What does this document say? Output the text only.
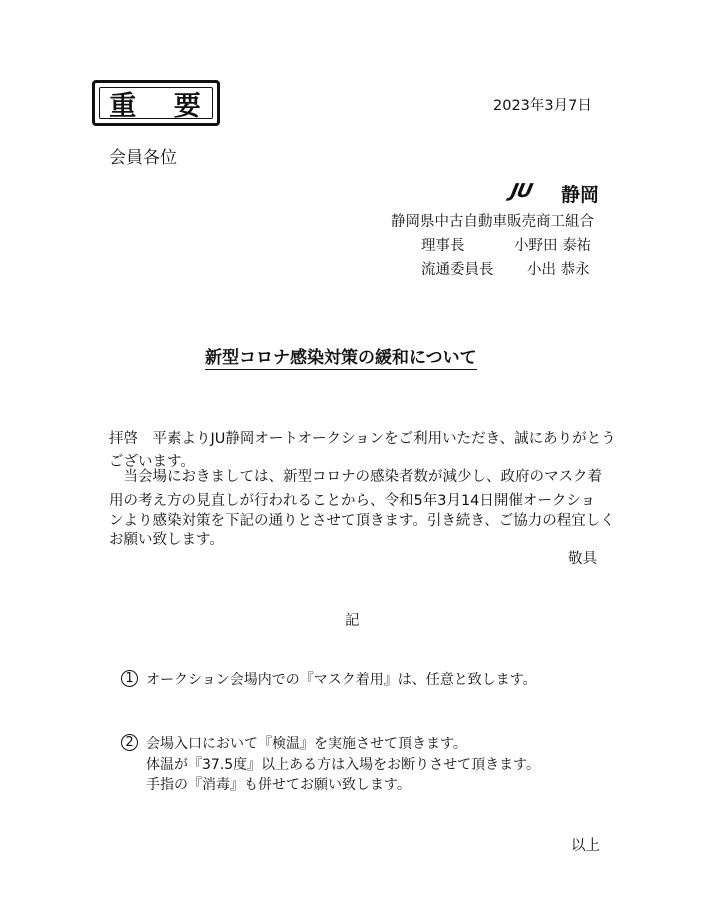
重 要	2023年3月7日
会員各位
JU 静岡
静岡県中古自動車販売商工組合
理事長	小野田 泰祐
流通委員長 小出 恭永
新型コロナ感染対策の緩和について
拝啓　平素よりJU静岡オートオークションをご利用いただき、誠にありがとう
ございます。
　当会場におきましては、新型コロナの感染者数が減少し、政府のマスク着
用の考え方の見直しが行われることから、令和5年3月14日開催オークショ
ンより感染対策を下記の通りとさせて頂きます。引き続き、ご協力の程宜しく
お願い致します。
敬具
記
1 オークション会場内での『マスク着用』は、任意と致します。
2 会場入口において『検温』を実施させて頂きます。
体温が『37.5度』以上ある方は入場をお断りさせて頂きます。
手指の『消毒』も併せてお願い致します。
以上
